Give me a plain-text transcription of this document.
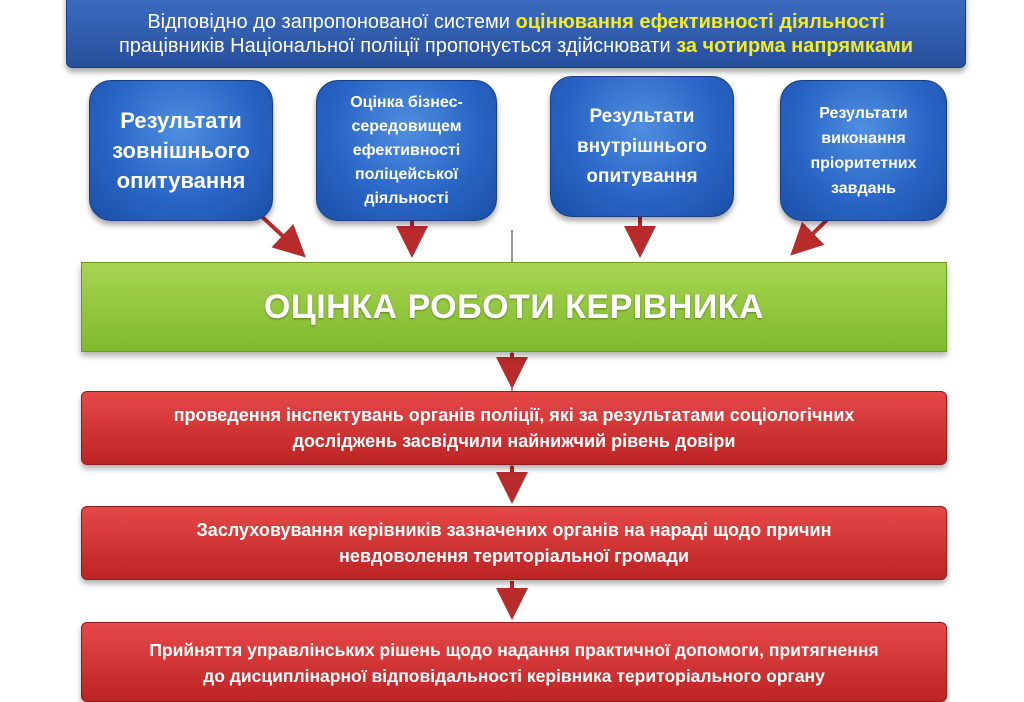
Відповідно до запропонованої системи оцінювання ефективності діяльності
працівників Національної поліції пропонується здійснювати за чотирма напрямками
Результати
зовнішнього
опитування
Оцінка бізнес-
середовищем
ефективності
поліцейської
діяльності
Результати
внутрішнього
опитування
Результати
виконання
пріоритетних
завдань
ОЦІНКА РОБОТИ КЕРІВНИКА
проведення інспектувань органів поліції, які за результатами соціологічних
досліджень засвідчили найнижчий рівень довіри
Заслуховування керівників зазначених органів на нараді щодо причин
невдоволення територіальної громади
Прийняття управлінських рішень щодо надання практичної допомоги, притягнення
до дисциплінарної відповідальності керівника територіального органу
